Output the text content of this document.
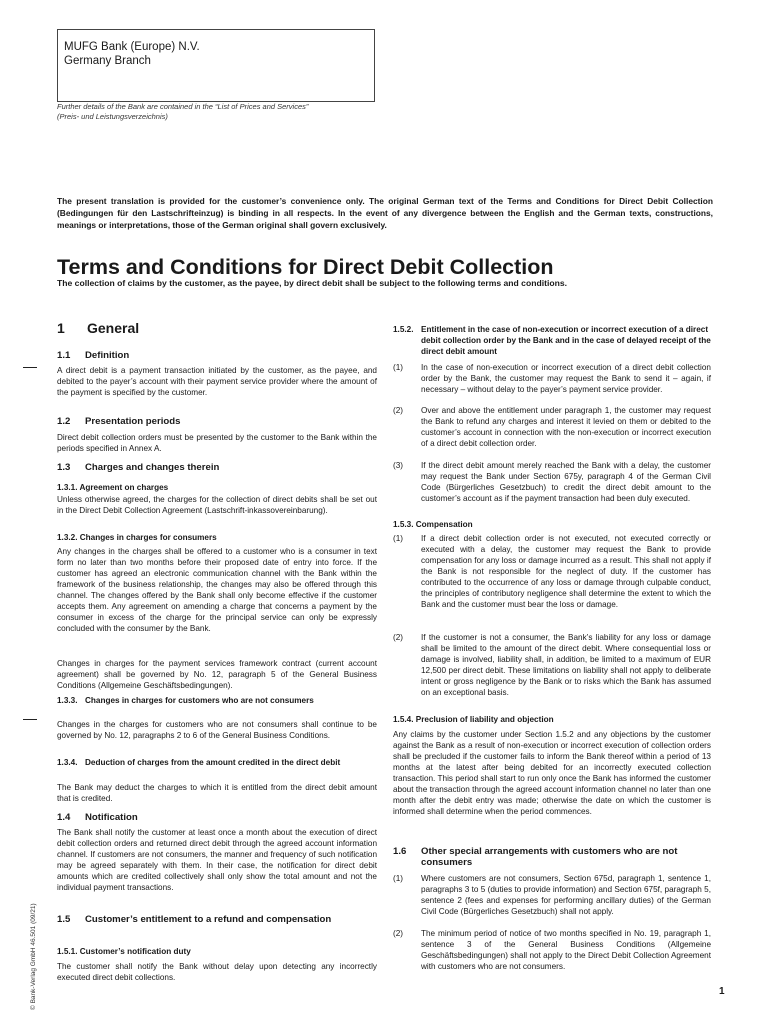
MUFG Bank (Europe) N.V.
Germany Branch
Further details of the Bank are contained in the “List of Prices and Services”
(Preis- und Leistungsverzeichnis)
The present translation is provided for the customer’s convenience only. The original German text of the Terms and Conditions for Direct Debit Collection (Bedingungen für den Lastschrifteinzug) is binding in all respects. In the event of any divergence between the English and the German texts, constructions, meanings or interpretations, those of the German original shall govern exclusively.
Terms and Conditions for Direct Debit Collection
The collection of claims by the customer, as the payee, by direct debit shall be subject to the following terms and conditions.
1 General
1.1 Definition

A direct debit is a payment transaction initiated by the customer, as the payee, and debited to the payer’s account with their payment service provider where the amount of the payment is specified by the customer.

1.2 Presentation periods

Direct debit collection orders must be presented by the customer to the Bank within the periods specified in Annex A.

1.3 Charges and changes therein
1.3.1. Agreement on charges

Unless otherwise agreed, the charges for the collection of direct debits shall be set out in the Direct Debit Collection Agreement (Lastschrift-inkassovereinbarung).

1.3.2. Changes in charges for consumers

Any changes in the charges shall be offered to a customer who is a consumer in text form no later than two months before their proposed date of entry into force. If the customer has agreed an electronic communication channel with the Bank within the framework of the business relationship, the changes may also be offered through this channel. The changes offered by the Bank shall only become effective if the customer accepts them. Any agreement on amending a charge that concerns a payment by the consumer in excess of the charge for the principal service can only be expressly concluded with the consumer by the Bank.

Changes in charges for the payment services framework contract (current account agreement) shall be governed by No. 12, paragraph 5 of the General Business Conditions (Allgemeine Geschäftsbedingungen).

1.3.3. Changes in charges for customers who are not consumers

Changes in the charges for customers who are not consumers shall continue to be governed by No. 12, paragraphs 2 to 6 of the General Business Conditions.

1.3.4. Deduction of charges from the amount credited in the direct debit

The Bank may deduct the charges to which it is entitled from the direct debit amount that is credited.

1.4 Notification

The Bank shall notify the customer at least once a month about the execution of direct debit collection orders and returned direct debit through the agreed account information channel. If customers are not consumers, the manner and frequency of such notification may be agreed separately with them. In their case, the notification for direct debit amounts which are credited collectively shall only show the total amount and not the individual payment transactions.

1.5 Customer’s entitlement to a refund and compensation
1.5.1. Customer’s notification duty

The customer shall notify the Bank without delay upon detecting any incorrectly executed direct debit collections.

1.5.2. Entitlement in the case of non-execution or incorrect execution of a direct debit collection order by the Bank and in the case of delayed receipt of the direct debit amount
(1)	In the case of non-execution or incorrect execution of a direct debit collection order by the Bank, the customer may request the Bank to send it – again, if necessary – without delay to the payer’s payment service provider.
(2)	Over and above the entitlement under paragraph 1, the customer may request the Bank to refund any charges and interest it levied on them or debited to the customer’s account in connection with the non-execution or incorrect execution of a direct debit collection order.
(3)	If the direct debit amount merely reached the Bank with a delay, the customer may request the Bank under Section 675y, paragraph 4 of the German Civil Code (Bürgerliches Gesetzbuch) to credit the direct debit amount to the customer’s account as if the payment transaction had been duly executed.
1.5.3. Compensation
(1)	If a direct debit collection order is not executed, not executed correctly or executed with a delay, the customer may request the Bank to provide compensation for any loss or damage incurred as a result. This shall not apply if the Bank is not responsible for the neglect of duty. If the customer has contributed to the occurrence of any loss or damage through culpable conduct, the principles of contributory negligence shall determine the extent to which the Bank and the customer must bear the loss or damage.
(2)	If the customer is not a consumer, the Bank’s liability for any loss or damage shall be limited to the amount of the direct debit. Where consequential loss or damage is involved, liability shall, in addition, be limited to a maximum of EUR 12,500 per direct debit. These limitations on liability shall not apply to deliberate intent or gross negligence by the Bank or to risks which the Bank has assumed on an exceptional basis.
1.5.4. Preclusion of liability and objection

Any claims by the customer under Section 1.5.2 and any objections by the customer against the Bank as a result of non-execution or incorrect execution of collection orders shall be precluded if the customer fails to inform the Bank thereof within a period of 13 months at the latest after being debited for an incorrectly executed collection transaction. This period shall start to run only once the Bank has informed the customer about the transaction through the agreed account information channel no later than one month after the debit entry was made; otherwise the date on which the customer is informed shall determine when the period commences.

1.6 Other special arrangements with customers who are not consumers
(1)	Where customers are not consumers, Section 675d, paragraph 1, sentence 1, paragraphs 3 to 5 (duties to provide information) and Section 675f, paragraph 5, sentence 2 (fees and expenses for performing ancillary duties) of the German Civil Code (Bürgerliches Gesetzbuch) shall not apply.
(2)	The minimum period of notice of two months specified in No. 19, paragraph 1, sentence 3 of the General Business Conditions (Allgemeine Geschäftsbedingungen) shall not apply to the Direct Debit Collection Agreement with customers who are not consumers.
© Bank-Verlag GmbH 46.501 (09/21)	1
